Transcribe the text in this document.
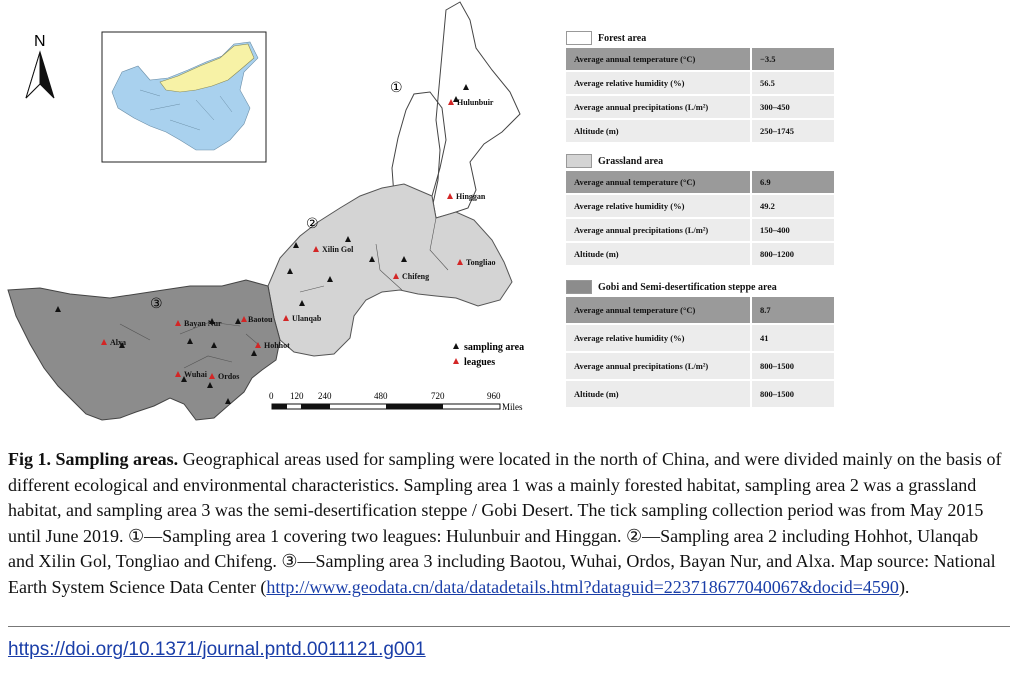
N
①
②
③
Hulunbuir
Hinggan
Xilin Gol
Tongliao
Chifeng
Ulanqab
Baotou
Bayan Nur
Hohhot
Alxa
Wuhai Ordos
sampling area
leagues
0 120 240	480	720	960
Miles
Forest area
Average annual temperature (°C)	−3.5
Average relative humidity (%)	56.5
Average annual precipitations (L/m²)	300–450
Altitude (m)	250–1745
Grassland area
Average annual temperature (°C)	6.9
Average relative humidity (%)	49.2
Average annual precipitations (L/m²)	150–400
Altitude (m)	800–1200
Gobi and Semi-desertification steppe area
Average annual temperature (°C)	8.7
Average relative humidity (%)	41
Average annual precipitations (L/m²)	800–1500
Altitude (m)	800–1500
Fig 1. Sampling areas. Geographical areas used for sampling were located in the north of China, and were divided mainly on the basis of different ecological and environmental characteristics. Sampling area 1 was a mainly forested habitat, sampling area 2 was a grassland habitat, and sampling area 3 was the semi-desertification steppe / Gobi Desert. The tick sampling collection period was from May 2015 until June 2019. ①—Sampling area 1 covering two leagues: Hulunbuir and Hinggan. ②—Sampling area 2 including Hohhot, Ulanqab and Xilin Gol, Tongliao and Chifeng. ③—Sampling area 3 including Baotou, Wuhai, Ordos, Bayan Nur, and Alxa. Map source: National Earth System Science Data Center (http://www.geodata.cn/data/datadetails.html?dataguid=223718677040067&docid=4590).
https://doi.org/10.1371/journal.pntd.0011121.g001
